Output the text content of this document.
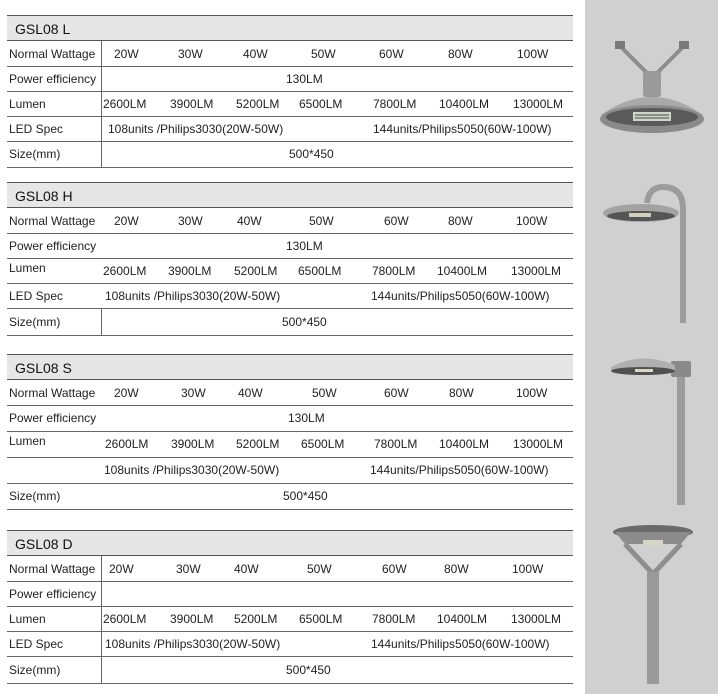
GSL08 L
Normal Wattage 20W	30W	40W	50W	60W	80W	100W
Power efficiency	130LM
Lumen	2600LM 3900LM 5200LM 6500LM	7800LM 10400LM 13000LM
LED Spec	108units /Philips3030(20W-50W)	144units/Philips5050(60W-100W)
Size(mm)	500*450
GSL08 H
Normal Wattage 20W	30W	40W	50W	60W	80W	100W
Power efficiency	130LM
Lumen	2600LM 3900LM 5200LM 6500LM	7800LM 10400LM 13000LM
LED Spec	108units /Philips3030(20W-50W)	144units/Philips5050(60W-100W)
Size(mm)	500*450
GSL08 S
Normal Wattage 20W	30W	40W	50W	60W	80W	100W
Power efficiency	130LM
Lumen	2600LM 3900LM 5200LM 6500LM 7800LM 10400LM 13000LM
108units /Philips3030(20W-50W)	144units/Philips5050(60W-100W)
Size(mm)	500*450
GSL08 D
Normal Wattage 20W	30W	40W	50W	60W	80W	100W
Power efficiency
Lumen	2600LM 3900LM 5200LM 6500LM 7800LM 10400LM 13000LM
LED Spec	108units /Philips3030(20W-50W)	144units/Philips5050(60W-100W)
Size(mm)	500*450
